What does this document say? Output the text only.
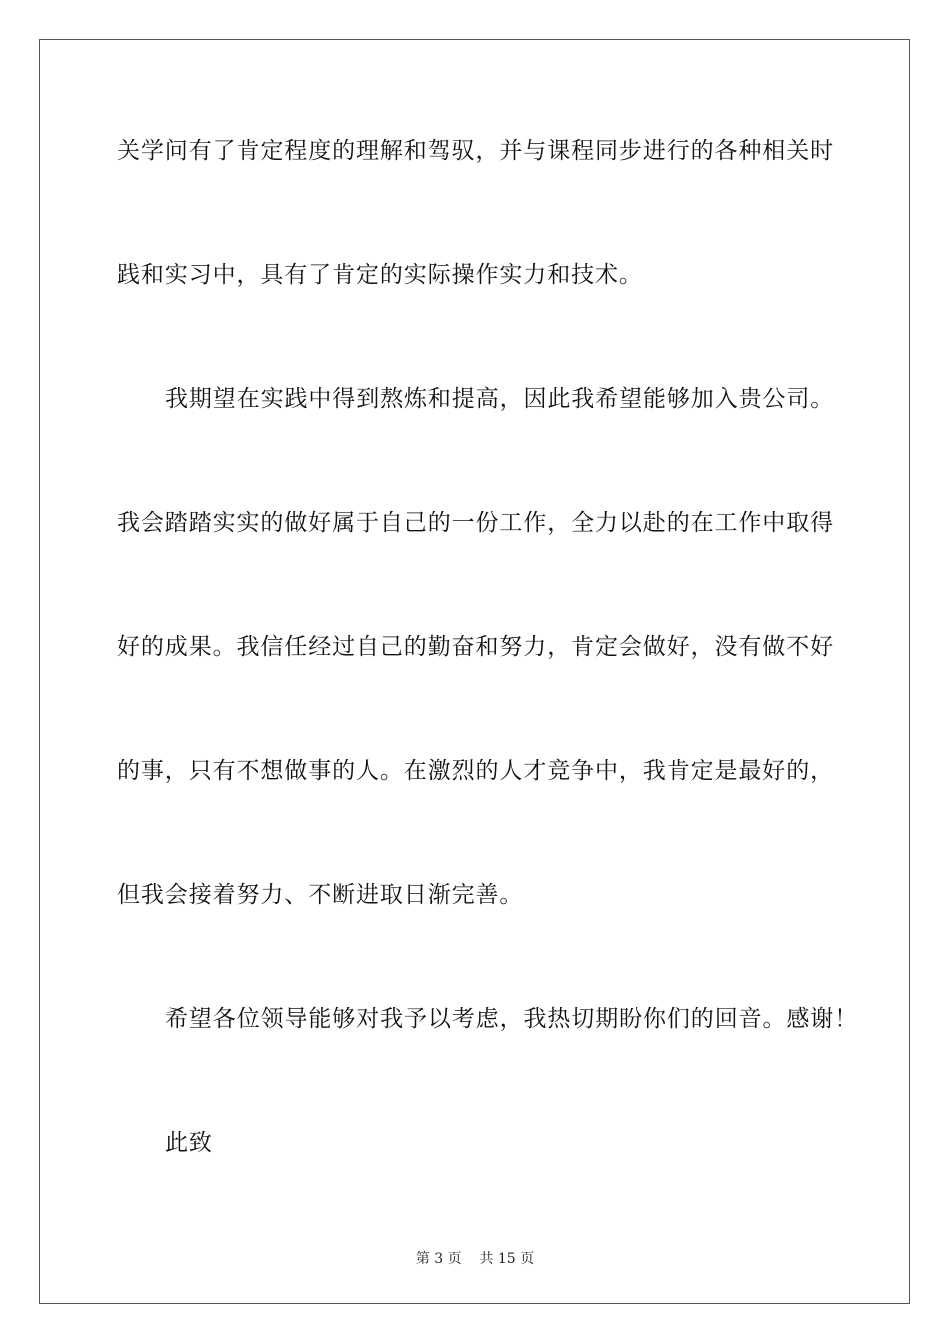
关学问有了肯定程度的理解和驾驭，并与课程同步进行的各种相关时
践和实习中，具有了肯定的实际操作实力和技术。
我期望在实践中得到熬炼和提高，因此我希望能够加入贵公司。
我会踏踏实实的做好属于自己的一份工作，全力以赴的在工作中取得
好的成果。我信任经过自己的勤奋和努力，肯定会做好，没有做不好
的事，只有不想做事的人。在激烈的人才竞争中，我肯定是最好的，
但我会接着努力、不断进取日渐完善。
希望各位领导能够对我予以考虑，我热切期盼你们的回音。感谢！
此致
第 3 页 共 15 页
